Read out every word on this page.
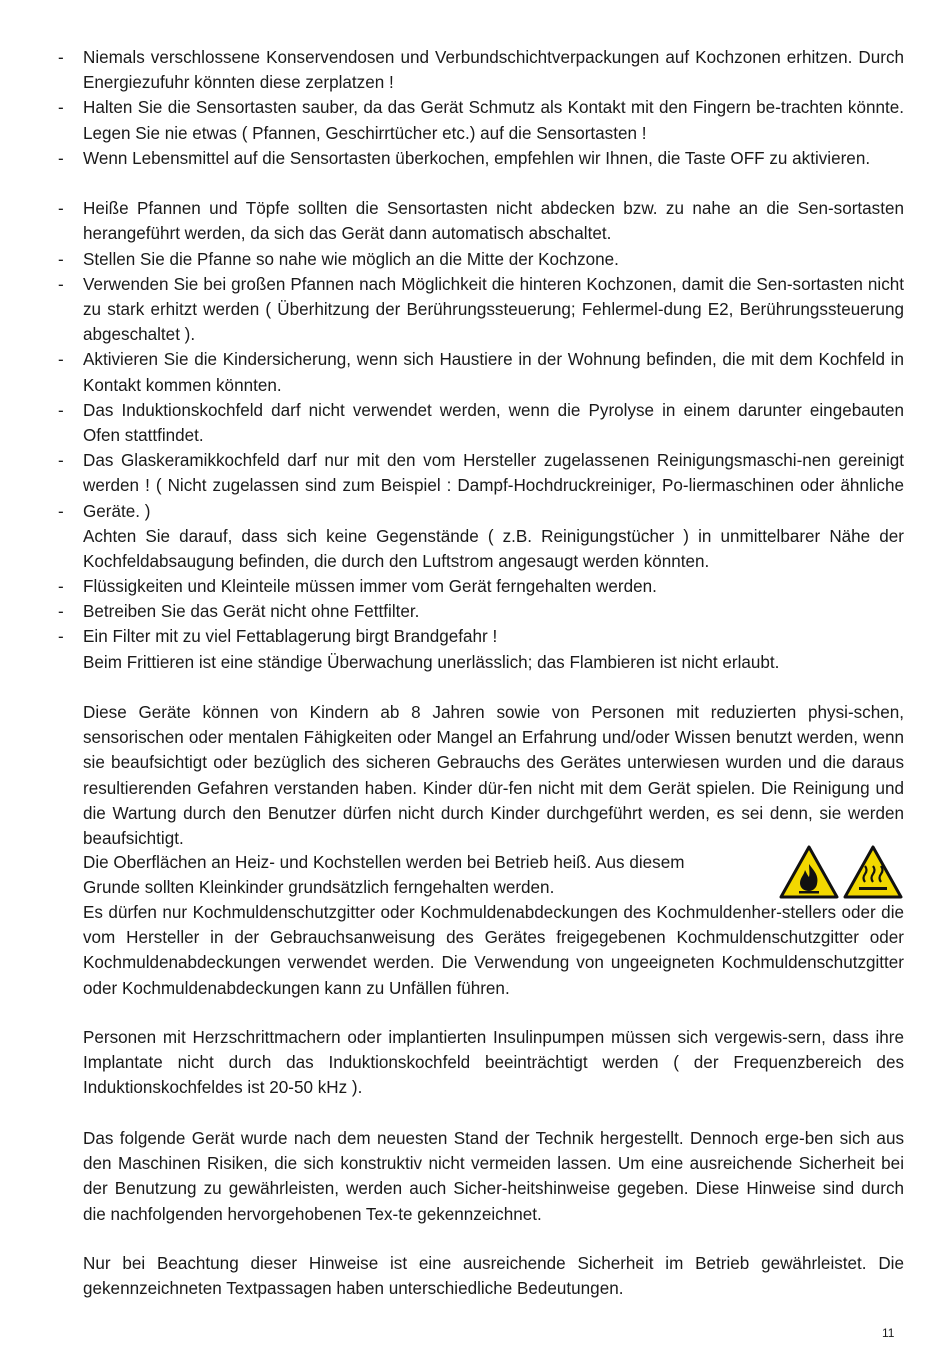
- Niemals verschlossene Konservendosen und Verbundschichtverpackungen auf Kochzonen erhitzen. Durch Energiezufuhr könnten diese zerplatzen !
- Halten Sie die Sensortasten sauber, da das Gerät Schmutz als Kontakt mit den Fingern be-trachten könnte. Legen Sie nie etwas ( Pfannen, Geschirrtücher etc.) auf die Sensortasten !
- Wenn Lebensmittel auf die Sensortasten überkochen, empfehlen wir Ihnen, die Taste OFF zu aktivieren.
- Heiße Pfannen und Töpfe sollten die Sensortasten nicht abdecken bzw. zu nahe an die Sen-sortasten herangeführt werden, da sich das Gerät dann automatisch abschaltet.
- Stellen Sie die Pfanne so nahe wie möglich an die Mitte der Kochzone.
- Verwenden Sie bei großen Pfannen nach Möglichkeit die hinteren Kochzonen, damit die Sen-sortasten nicht zu stark erhitzt werden ( Überhitzung der Berührungssteuerung; Fehlermel-dung E2, Berührungssteuerung abgeschaltet ).
- Aktivieren Sie die Kindersicherung, wenn sich Haustiere in der Wohnung befinden, die mit dem Kochfeld in Kontakt kommen könnten.
- Das Induktionskochfeld darf nicht verwendet werden, wenn die Pyrolyse in einem darunter eingebauten Ofen stattfindet.
- Das Glaskeramikkochfeld darf nur mit den vom Hersteller zugelassenen Reinigungsmaschi-nen gereinigt werden ! ( Nicht zugelassen sind zum Beispiel : Dampf-Hochdruckreiniger, Po-liermaschinen oder ähnliche Geräte. )
Achten Sie darauf, dass sich keine Gegenstände ( z.B. Reinigungstücher ) in unmittelbarer Nähe der Kochfeldabsaugung befinden, die durch den Luftstrom angesaugt werden könnten.
- Flüssigkeiten und Kleinteile müssen immer vom Gerät ferngehalten werden.
- Betreiben Sie das Gerät nicht ohne Fettfilter.
- Ein Filter mit zu viel Fettablagerung birgt Brandgefahr !
Beim Frittieren ist eine ständige Überwachung unerlässlich; das Flambieren ist nicht erlaubt.
-

Diese Geräte können von Kindern ab 8 Jahren sowie von Personen mit reduzierten physi-schen, sensorischen oder mentalen Fähigkeiten oder Mangel an Erfahrung und/oder Wissen benutzt werden, wenn sie beaufsichtigt oder bezüglich des sicheren Gebrauchs des Gerätes unterwiesen wurden und die daraus resultierenden Gefahren verstanden haben. Kinder dür-fen nicht mit dem Gerät spielen. Die Reinigung und die Wartung durch den Benutzer dürfen nicht durch Kinder durchgeführt werden, es sei denn, sie werden beaufsichtigt.

Die Oberflächen an Heiz- und Kochstellen werden bei Betrieb heiß. Aus diesem
Grunde sollten Kleinkinder grundsätzlich ferngehalten werden.

Es dürfen nur Kochmuldenschutzgitter oder Kochmuldenabdeckungen des Kochmuldenher-stellers oder die vom Hersteller in der Gebrauchsanweisung des Gerätes freigegebenen Kochmuldenschutzgitter oder Kochmuldenabdeckungen verwendet werden. Die Verwendung von ungeeigneten Kochmuldenschutzgitter oder Kochmuldenabdeckungen kann zu Unfällen führen.

Personen mit Herzschrittmachern oder implantierten Insulinpumpen müssen sich vergewis-sern, dass ihre Implantate nicht durch das Induktionskochfeld beeinträchtigt werden ( der Frequenzbereich des Induktionskochfeldes ist 20-50 kHz ).

Das folgende Gerät wurde nach dem neuesten Stand der Technik hergestellt. Dennoch erge-ben sich aus den Maschinen Risiken, die sich konstruktiv nicht vermeiden lassen. Um eine ausreichende Sicherheit bei der Benutzung zu gewährleisten, werden auch Sicher-heitshinweise gegeben. Diese Hinweise sind durch die nachfolgenden hervorgehobenen Tex-te gekennzeichnet.

Nur bei Beachtung dieser Hinweise ist eine ausreichende Sicherheit im Betrieb gewährleistet. Die gekennzeichneten Textpassagen haben unterschiedliche Bedeutungen.

11
